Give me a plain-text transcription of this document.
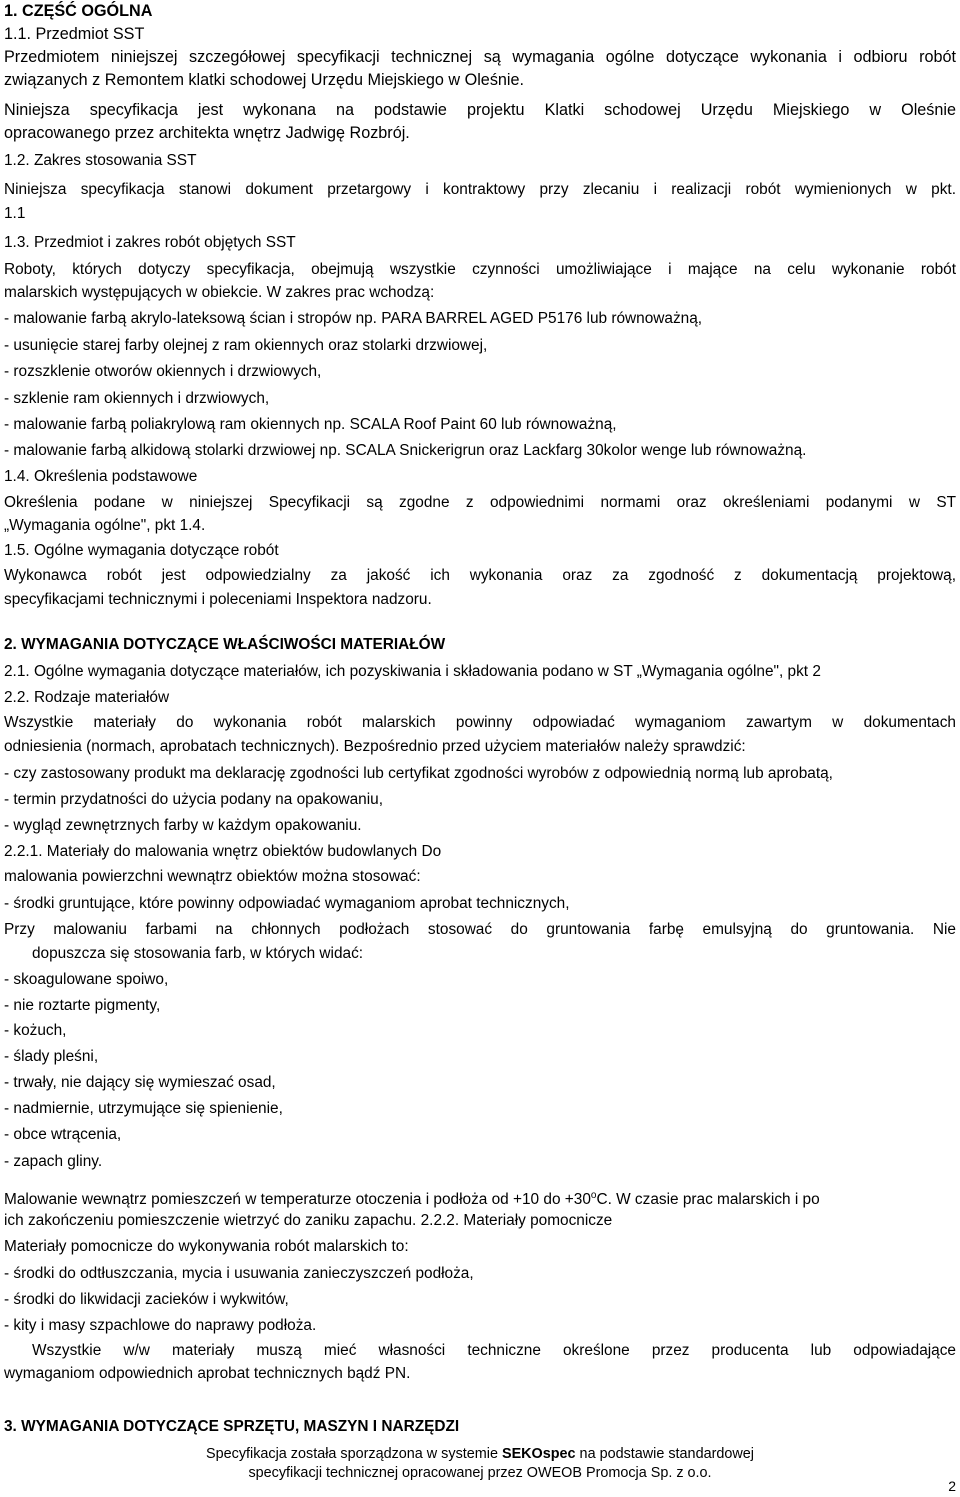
1. CZĘŚĆ OGÓLNA
1.1. Przedmiot SST
Przedmiotem niniejszej szczegółowej specyfikacji technicznej są wymagania ogólne dotyczące wykonania i odbioru robót
związanych z Remontem klatki schodowej Urzędu Miejskiego w Oleśnie.
Niniejsza specyfikacja jest wykonana na podstawie projektu Klatki schodowej Urzędu Miejskiego w Oleśnie
opracowanego przez architekta wnętrz Jadwigę Rozbrój.
1.2. Zakres stosowania SST
Niniejsza specyfikacja stanowi dokument przetargowy i kontraktowy przy zlecaniu i realizacji robót wymienionych w pkt.
1.1
1.3. Przedmiot i zakres robót objętych SST
Roboty, których dotyczy specyfikacja, obejmują wszystkie czynności umożliwiające i mające na celu wykonanie robót
malarskich występujących w obiekcie. W zakres prac wchodzą:
- malowanie farbą akrylo-lateksową ścian i stropów np. PARA BARREL AGED P5176 lub równoważną,
- usunięcie starej farby olejnej z ram okiennych oraz stolarki drzwiowej,
- rozszklenie otworów okiennych i drzwiowych,
- szklenie ram okiennych i drzwiowych,
- malowanie farbą poliakrylową ram okiennych np. SCALA Roof Paint 60 lub równoważną,
- malowanie farbą alkidową stolarki drzwiowej np. SCALA Snickerigrun oraz Lackfarg 30kolor wenge lub równoważną.
1.4. Określenia podstawowe
Określenia podane w niniejszej Specyfikacji są zgodne z odpowiednimi normami oraz określeniami podanymi w ST
„Wymagania ogólne", pkt 1.4.
1.5. Ogólne wymagania dotyczące robót
Wykonawca robót jest odpowiedzialny za jakość ich wykonania oraz za zgodność z dokumentacją projektową,
specyfikacjami technicznymi i poleceniami Inspektora nadzoru.
2. WYMAGANIA DOTYCZĄCE WŁAŚCIWOŚCI MATERIAŁÓW
2.1. Ogólne wymagania dotyczące materiałów, ich pozyskiwania i składowania podano w ST „Wymagania ogólne", pkt 2
2.2. Rodzaje materiałów
Wszystkie materiały do wykonania robót malarskich powinny odpowiadać wymaganiom zawartym w dokumentach
odniesienia (normach, aprobatach technicznych). Bezpośrednio przed użyciem materiałów należy sprawdzić:
- czy zastosowany produkt ma deklarację zgodności lub certyfikat zgodności wyrobów z odpowiednią normą lub aprobatą,
- termin przydatności do użycia podany na opakowaniu,
- wygląd zewnętrznych farby w każdym opakowaniu.
2.2.1. Materiały do malowania wnętrz obiektów budowlanych Do
malowania powierzchni wewnątrz obiektów można stosować:
- środki gruntujące, które powinny odpowiadać wymaganiom aprobat technicznych,
Przy malowaniu farbami na chłonnych podłożach stosować do gruntowania farbę emulsyjną do gruntowania. Nie
dopuszcza się stosowania farb, w których widać:
- skoagulowane spoiwo,
- nie roztarte pigmenty,
- kożuch,
- ślady pleśni,
- trwały, nie dający się wymieszać osad,
- nadmiernie, utrzymujące się spienienie,
- obce wtrącenia,
- zapach gliny.
Malowanie wewnątrz pomieszczeń w temperaturze otoczenia i podłoża od +10 do $+30^oC$. W czasie prac malarskich i po
ich zakończeniu pomieszczenie wietrzyć do zaniku zapachu. 2.2.2. Materiały pomocnicze
Materiały pomocnicze do wykonywania robót malarskich to:
- środki do odtłuszczania, mycia i usuwania zanieczyszczeń podłoża,
- środki do likwidacji zacieków i wykwitów,
- kity i masy szpachlowe do naprawy podłoża.
Wszystkie w/w materiały muszą mieć własności techniczne określone przez producenta lub odpowiadające
wymaganiom odpowiednich aprobat technicznych bądź PN.
3. WYMAGANIA DOTYCZĄCE SPRZĘTU, MASZYN I NARZĘDZI
Specyfikacja została sporządzona w systemie SEKOspec na podstawie standardowej
specyfikacji technicznej opracowanej przez OWEOB Promocja Sp. z o.o.
2
